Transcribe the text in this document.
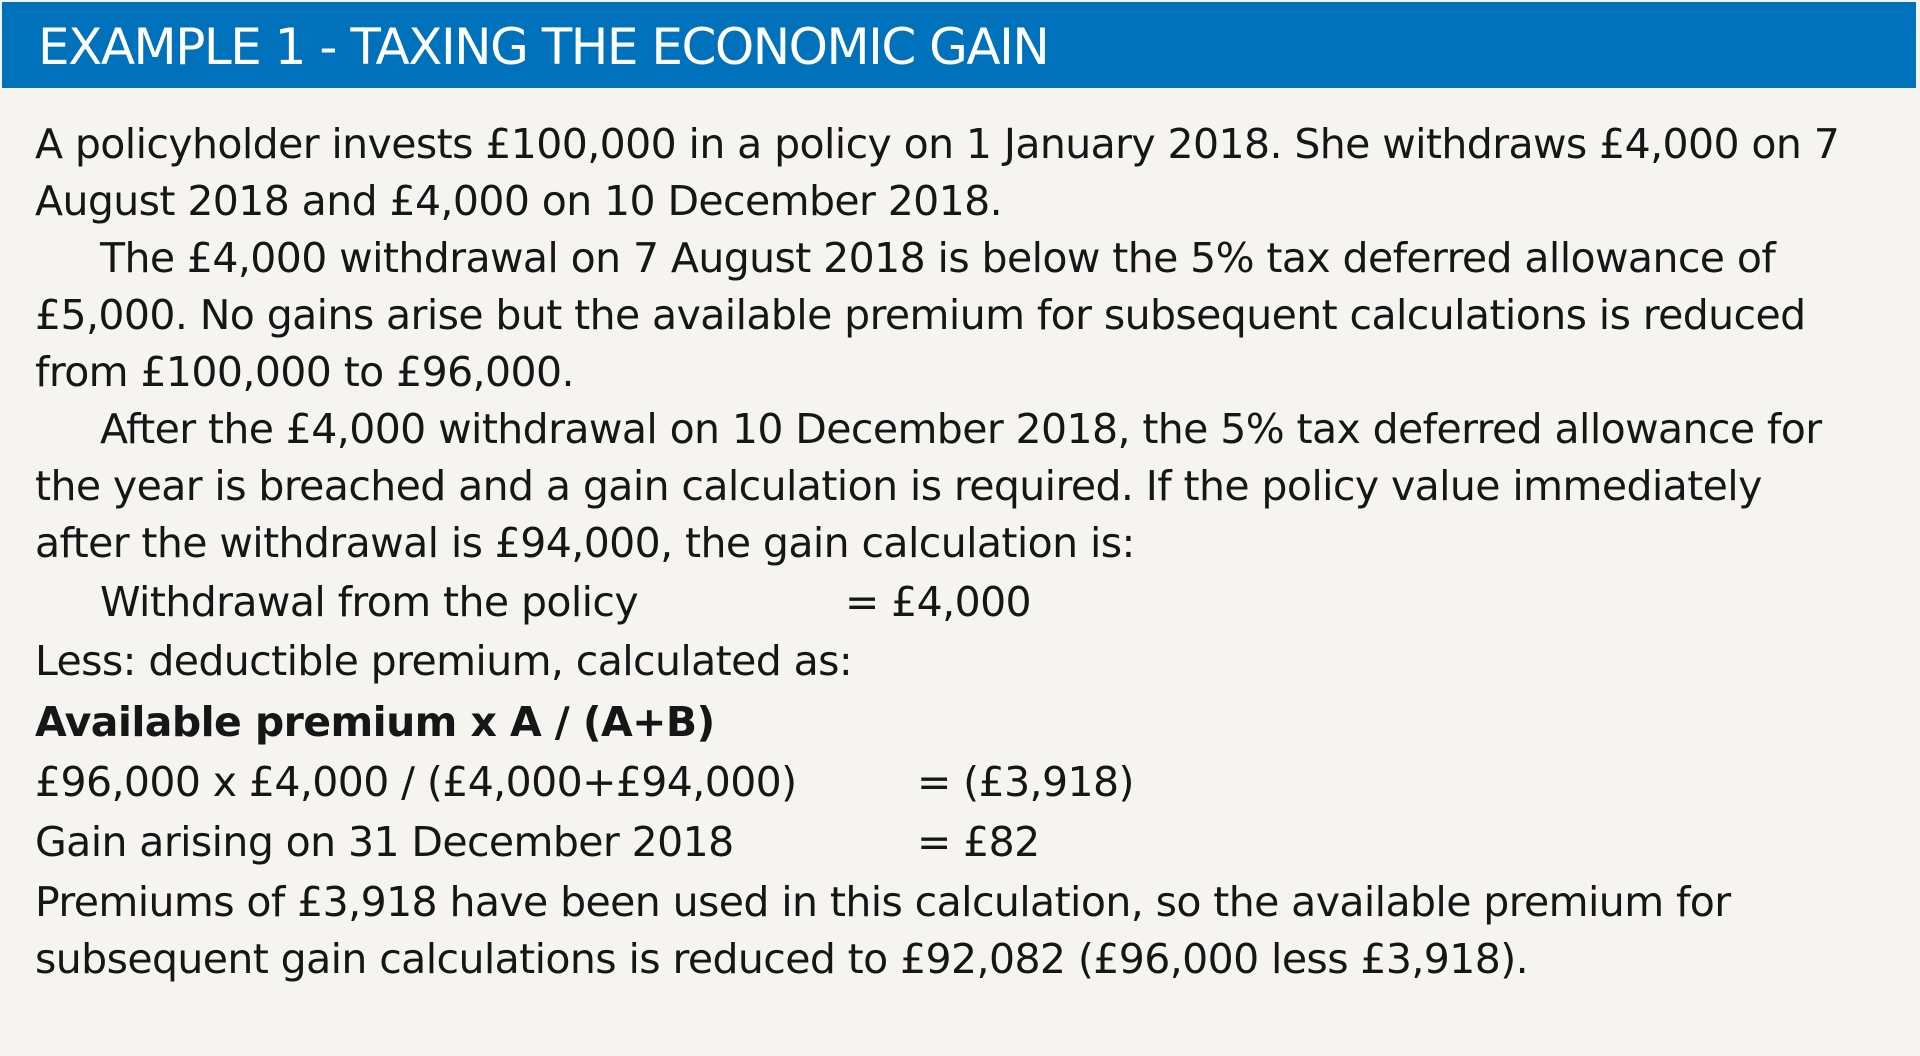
EXAMPLE 1 - TAXING THE ECONOMIC GAIN
A policyholder invests £100,000 in a policy on 1 January 2018. She withdraws £4,000 on 7
August 2018 and £4,000 on 10 December 2018.
The £4,000 withdrawal on 7 August 2018 is below the 5% tax deferred allowance of
£5,000. No gains arise but the available premium for subsequent calculations is reduced
from £100,000 to £96,000.
After the £4,000 withdrawal on 10 December 2018, the 5% tax deferred allowance for
the year is breached and a gain calculation is required. If the policy value immediately
after the withdrawal is £94,000, the gain calculation is:
Withdrawal from the policy	= £4,000
Less: deductible premium, calculated as:
Available premium x A / (A+B)
£96,000 x £4,000 / (£4,000+£94,000)	= (£3,918)
Gain arising on 31 December 2018	= £82
Premiums of £3,918 have been used in this calculation, so the available premium for
subsequent gain calculations is reduced to £92,082 (£96,000 less £3,918).
